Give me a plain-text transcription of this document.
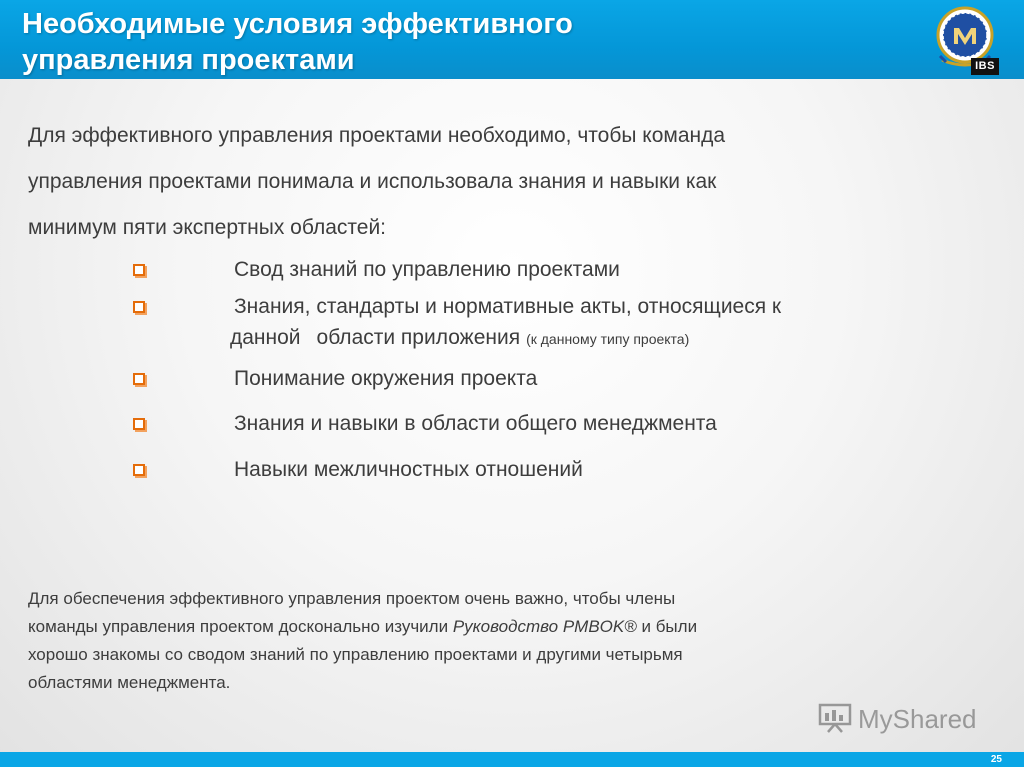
Необходимые условия эффективного
управления проектами	IBS

Для эффективного управления проектами необходимо, чтобы команда
управления проектами понимала и использовала знания и навыки как
минимум пяти экспертных областей:

Свод знаний по управлению проектами
Знания, стандарты и нормативные акты, относящиеся к
данной области приложения (к данному типу проекта)
Понимание окружения проекта
Знания и навыки в области общего менеджмента
Навыки межличностных отношений

Для обеспечения эффективного управления проектом очень важно, чтобы члены
команды управления проектом досконально изучили Руководство PMBOK® и были
хорошо знакомы со сводом знаний по управлению проектами и другими четырьмя
областями менеджмента.

MyShared
25
